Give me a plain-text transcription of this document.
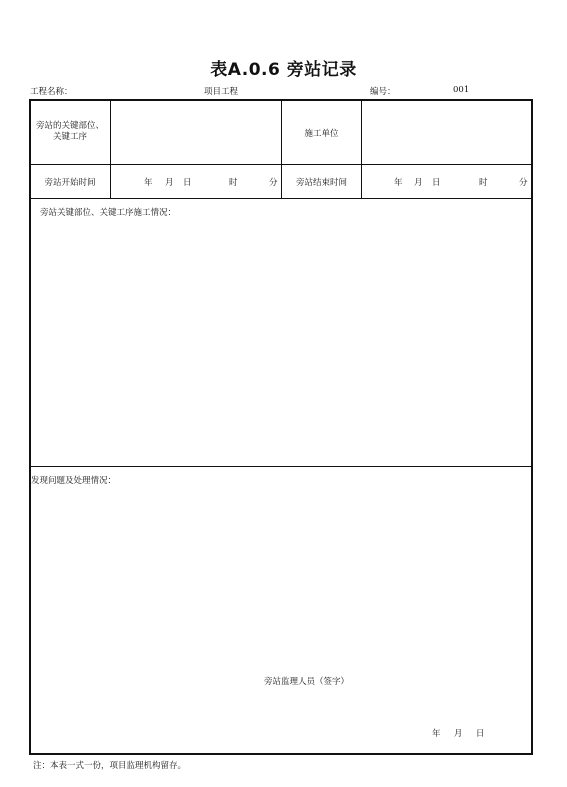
表A.0.6 旁站记录
工程名称：	项目工程	编号：	001
旁站的关键部位、
关键工序	施工单位
旁站开始时间	年 月 日	时	分	旁站结束时间	年 月 日	时	分
旁站关键部位、关键工序施工情况：
发现问题及处理情况：
旁站监理人员（签字）
年 月 日
注：本表一式一份，项目监理机构留存。
